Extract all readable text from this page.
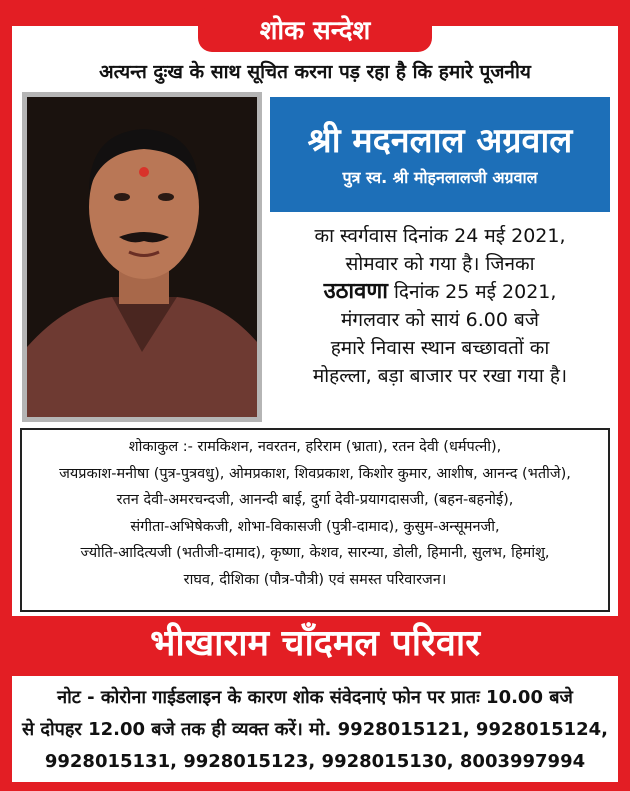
शोक सन्देश
अत्यन्त दुःख के साथ सूचित करना पड़ रहा है कि हमारे पूजनीय
श्री मदनलाल अग्रवाल
पुत्र स्व. श्री मोहनलालजी अग्रवाल
का स्वर्गवास दिनांक 24 मई 2021,
सोमवार को गया है। जिनका
उठावणा दिनांक 25 मई 2021,
मंगलवार को सायं 6.00 बजे
हमारे निवास स्थान बच्छावतों का
मोहल्ला, बड़ा बाजार पर रखा गया है।
शोकाकुल :- रामकिशन, नवरतन, हरिराम (भ्राता), रतन देवी (धर्मपत्नी),
जयप्रकाश-मनीषा (पुत्र-पुत्रवधु), ओमप्रकाश, शिवप्रकाश, किशोर कुमार, आशीष, आनन्द (भतीजे),
रतन देवी-अमरचन्दजी, आनन्दी बाई, दुर्गा देवी-प्रयागदासजी, (बहन-बहनोई),
संगीता-अभिषेकजी, शोभा-विकासजी (पुत्री-दामाद), कुसुम-अन्सूमनजी,
ज्योति-आदित्यजी (भतीजी-दामाद), कृष्णा, केशव, सारन्या, डोली, हिमानी, सुलभ, हिमांशु,
राघव, दीशिका (पौत्र-पौत्री) एवं समस्त परिवारजन।
भीखाराम चाँदमल परिवार
नोट - कोरोना गाईडलाइन के कारण शोक संवेदनाएं फोन पर प्रातः 10.00 बजे
से दोपहर 12.00 बजे तक ही व्यक्त करें। मो. 9928015121, 9928015124,
9928015131, 9928015123, 9928015130, 8003997994
